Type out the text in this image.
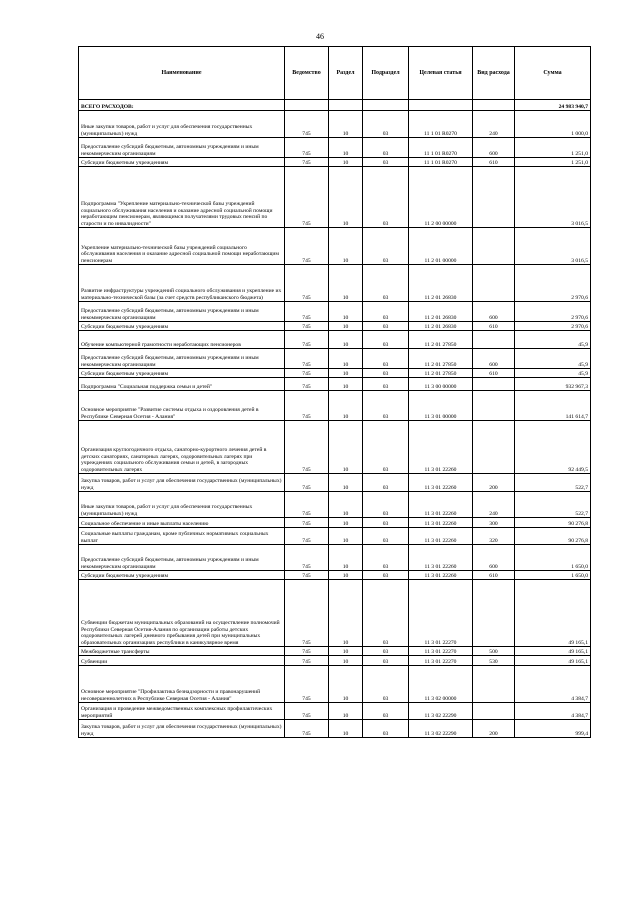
46
Наименование	Ведомство	Раздел	Подраздел	Целевая статья	Вид расхода	Сумма
ВСЕГО РАСХОДОВ:						24 983 940,7
Иные закупки товаров, работ и услуг для обеспечения государственных (муниципальных) нужд	745	10	03	11 1 01 R0270	240	1 000,0
Предоставление субсидий бюджетным, автономным учреждениям и иным некоммерческим организациям	745	10	03	11 1 01 R0270	600	1 251,0
Субсидии бюджетным учреждениям	745	10	03	11 1 01 R0270	610	1 251,0
Подпрограмма "Укрепление материально-технической базы учреждений социального обслуживания населения и оказание адресной социальной помощи неработающим пенсионерам, являющимся получателями трудовых пенсий по старости и по инвалидности"	745	10	03	11 2 00 00000		3 016,5
Укрепление материально-технической базы учреждений социального обслуживания населения и оказание адресной социальной помощи неработающим пенсионерам	745	10	03	11 2 01 00000		3 016,5
Развитие инфраструктуры учреждений социального обслуживания и укрепление их материально-технической базы (за счет средств республиканского бюджета)	745	10	03	11 2 01 26830		2 970,6
Предоставление субсидий бюджетным, автономным учреждениям и иным некоммерческим организациям	745	10	03	11 2 01 26830	600	2 970,6
Субсидии бюджетным учреждениям	745	10	03	11 2 01 26830	610	2 970,6
Обучение компьютерной грамотности неработающих пенсионеров	745	10	03	11 2 01 27850		45,9
Предоставление субсидий бюджетным, автономным учреждениям и иным некоммерческим организациям	745	10	03	11 2 01 27850	600	45,9
Субсидии бюджетным учреждениям	745	10	03	11 2 01 27850	610	45,9
Подпрограмма "Социальная поддержка семьи и детей"	745	10	03	11 3 00 00000		932 967,3
Основное мероприятие "Развитие системы отдыха и оздоровления детей в Республике Северная Осетия - Алания"	745	10	03	11 3 01 00000		141 614,7
Организация круглогодичного отдыха, санаторно-курортного лечения детей в детских санаториях, санаторных лагерях, оздоровительных лагерях при учреждениях социального обслуживания семьи и детей, в загородных оздоровительных лагерях	745	10	03	11 3 01 22260		92 449,5
Закупка товаров, работ и услуг для обеспечения государственных (муниципальных) нужд	745	10	03	11 3 01 22260	200	522,7
Иные закупки товаров, работ и услуг для обеспечения государственных (муниципальных) нужд	745	10	03	11 3 01 22260	240	522,7
Социальное обеспечение и иные выплаты населению	745	10	03	11 3 01 22260	300	90 276,8
Социальные выплаты гражданам, кроме публичных нормативных социальных выплат	745	10	03	11 3 01 22260	320	90 276,8
Предоставление субсидий бюджетным, автономным учреждениям и иным некоммерческим организациям	745	10	03	11 3 01 22260	600	1 650,0
Субсидии бюджетным учреждениям	745	10	03	11 3 01 22260	610	1 650,0
Субвенции бюджетам муниципальных образований на осуществление полномочий Республики Северная Осетия-Алания по организации работы детских оздоровительных лагерей дневного пребывания детей при муниципальных образовательных организациях республики в каникулярное время	745	10	03	11 3 01 22270		49 165,1
Межбюджетные трансферты	745	10	03	11 3 01 22270	500	49 165,1
Субвенции	745	10	03	11 3 01 22270	530	49 165,1
Основное мероприятие "Профилактика безнадзорности и правонарушений несовершеннолетних в Республике Северная Осетия - Алания"	745	10	03	11 3 02 00000		4 384,7
Организация и проведение межведомственных комплексных профилактических мероприятий	745	10	03	11 3 02 22290		4 384,7
Закупка товаров, работ и услуг для обеспечения государственных (муниципальных) нужд	745	10	03	11 3 02 22290	200	999,4
